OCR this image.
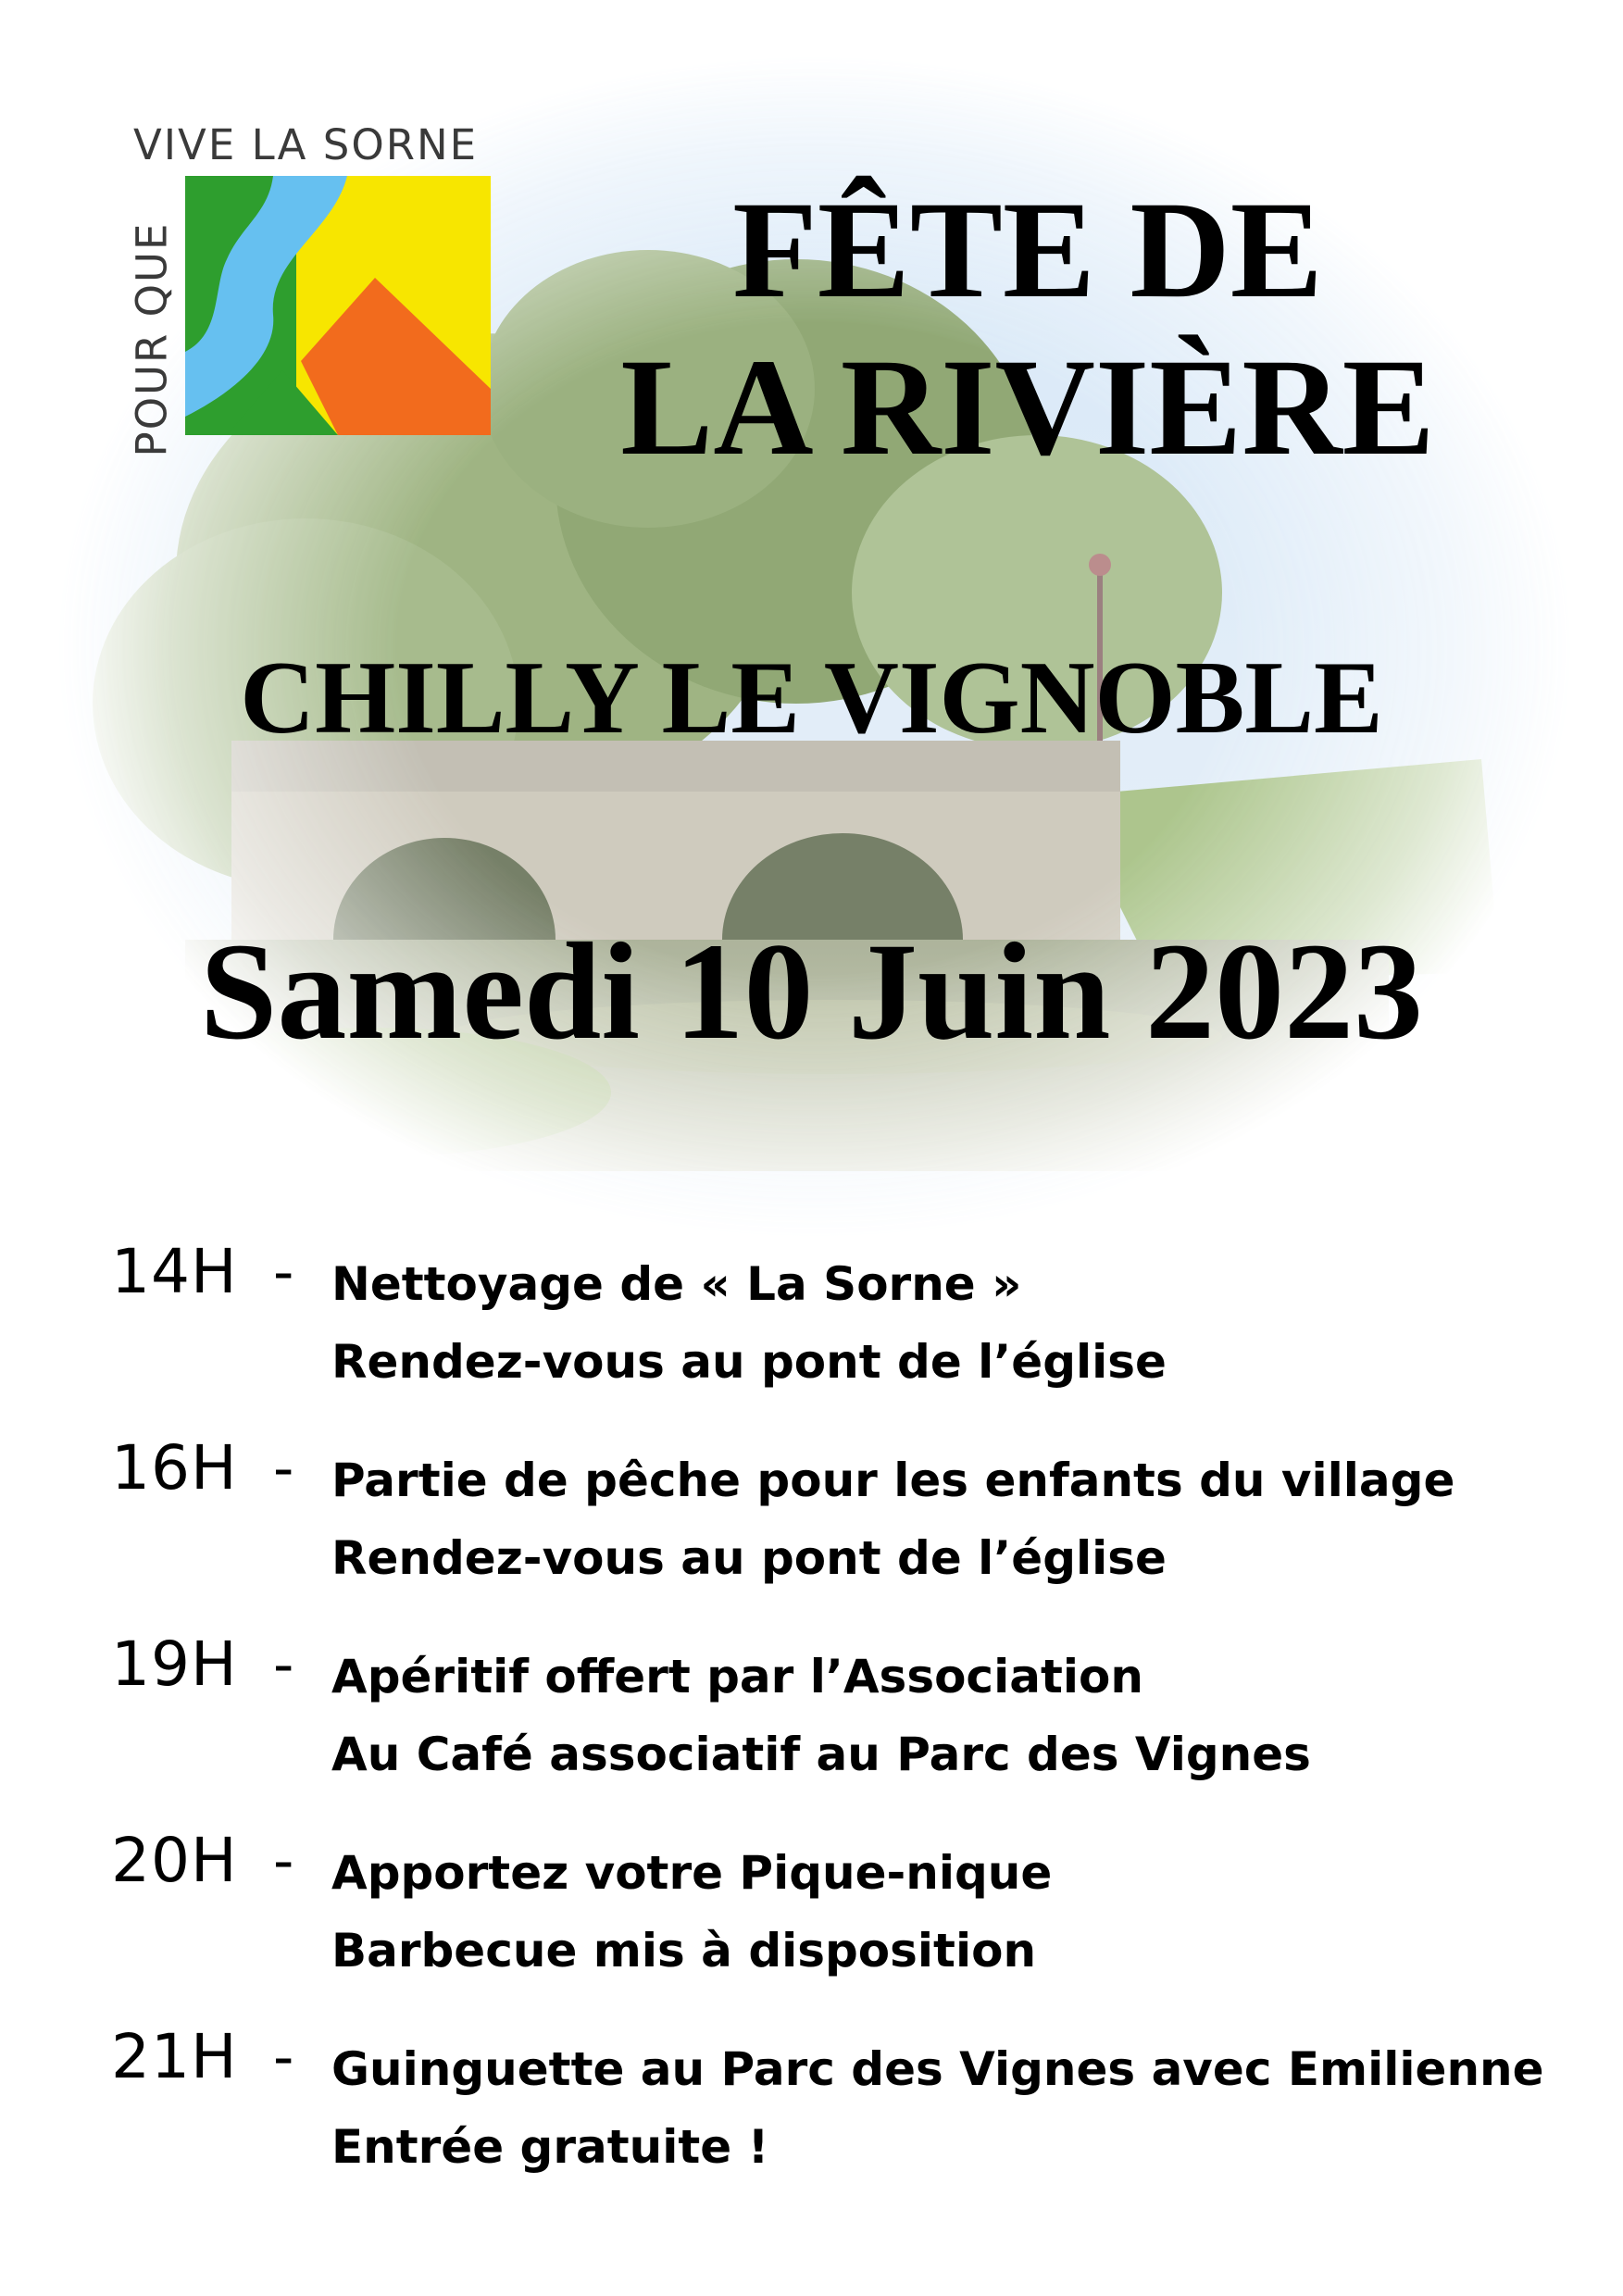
VIVE LA SORNE
POUR QUE	FÊTE DE
LA RIVIÈRE
CHILLY LE VIGNOBLE
Samedi 10 Juin 2023
14H - Nettoyage de « La Sorne »
Rendez-vous au pont de l’église
16H - Partie de pêche pour les enfants du village
Rendez-vous au pont de l’église
19H - Apéritif offert par l’Association
Au Café associatif au Parc des Vignes
20H - Apportez votre Pique-nique
Barbecue mis à disposition
21H - Guinguette au Parc des Vignes avec Emilienne
Entrée gratuite !
